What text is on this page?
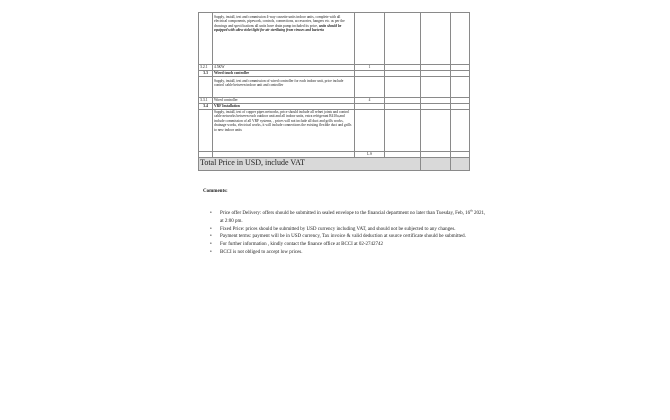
	Supply, install, test and commission 4-way cassette units indoor units, complete with all electrical components, pipework, controls, connections, accessories, hangers etc. as per the drawings and specifications all units have drain pump included its price, units should be equipped with ultra violet light for air sterilizing from viruses and bacteria				

3.2.1	4.5KW	1			
3.3	Wired touch controller				

	Supply, install, test and commission of wired controller for each indoor unit, price include control cable between indoor unit and controller				

3.3.1	Wired controller	4			
3.4	VRF Installation				

	Supply, install, test of copper pipes networks, price should include all refnet joints and control cable networks between each outdoor unit and all indoor units, extra refrigerant R410a,and include commission of all VRF systems, , prices will not include all duct and grills works, drainage works, electrical works, it will include connections the existing flexible duct and grills to new indoor units				

		L.S			
Total Price in USD, include VAT					
Comments:
• Price offer Delivery: offers should be submitted in sealed envelope to the financial department no later than Tuesday, Feb, 16th 2021, at 2:00 pm.
• Fixed Price: prices should be submitted by USD currency including VAT, and should not be subjected to any changes.
• Payment terms: payment will be in USD currency, Tax invoice & valid deduction at source certificate should be submitted.
• For further information , kindly contact the finance office at BCCI at 02-2742742
• BCCI is not obliged to accept low prices.
